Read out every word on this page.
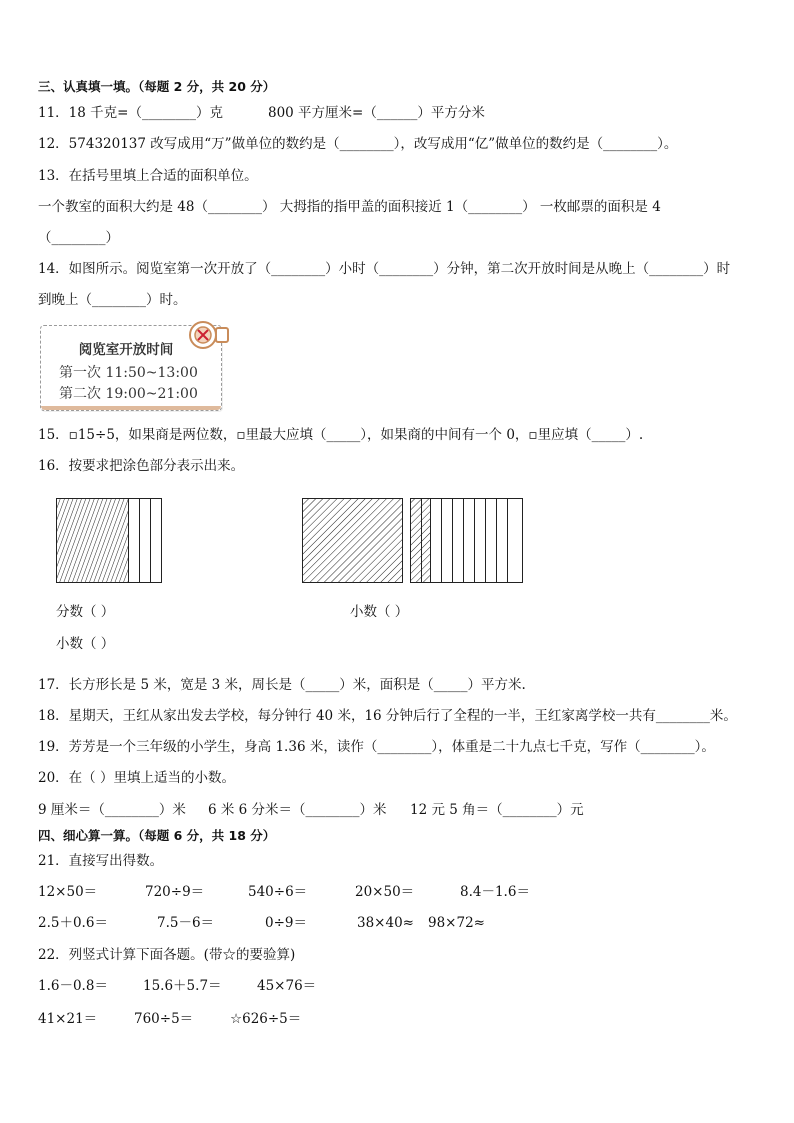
三、认真填一填。（每题 2 分，共 20 分）
11．18 千克=（________）克	800 平方厘米=（______）平方分米
12．574320137 改写成用“万”做单位的数约是（________），改写成用“亿”做单位的数约是（________）。
13．在括号里填上合适的面积单位。
一个教室的面积大约是 48（________） 大拇指的指甲盖的面积接近 1（________） 一枚邮票的面积是 4
（________）
14．如图所示。阅览室第一次开放了（________）小时（________）分钟，第二次开放时间是从晚上（________）时
到晚上（________）时。
阅览室开放时间
第一次 11:50~13:00
第二次 19:00~21:00
15．▫15÷5，如果商是两位数，▫里最大应填（_____），如果商的中间有一个 0，▫里应填（_____）.
16．按要求把涂色部分表示出来。
分数（ ）	小数（ ）
小数（ ）
17．长方形长是 5 米，宽是 3 米，周长是（_____）米，面积是（_____）平方米.
18．星期天，王红从家出发去学校，每分钟行 40 米，16 分钟后行了全程的一半，王红家离学校一共有________米。
19．芳芳是一个三年级的小学生，身高 1.36 米，读作（________），体重是二十九点七千克，写作（________）。
20．在（ ）里填上适当的小数。
9 厘米＝（________）米 6 米 6 分米＝（________）米 12 元 5 角＝（________）元
四、细心算一算。（每题 6 分，共 18 分）
21．直接写出得数。
12×50＝	720÷9＝	540÷6＝	20×50＝	8.4－1.6＝
2.5＋0.6＝	7.5－6＝	0÷9＝	38×40≈ 98×72≈
22．列竖式计算下面各题。(带☆的要验算)
1.6－0.8＝	15.6＋5.7＝	45×76＝
41×21＝	760÷5＝	☆626÷5＝
